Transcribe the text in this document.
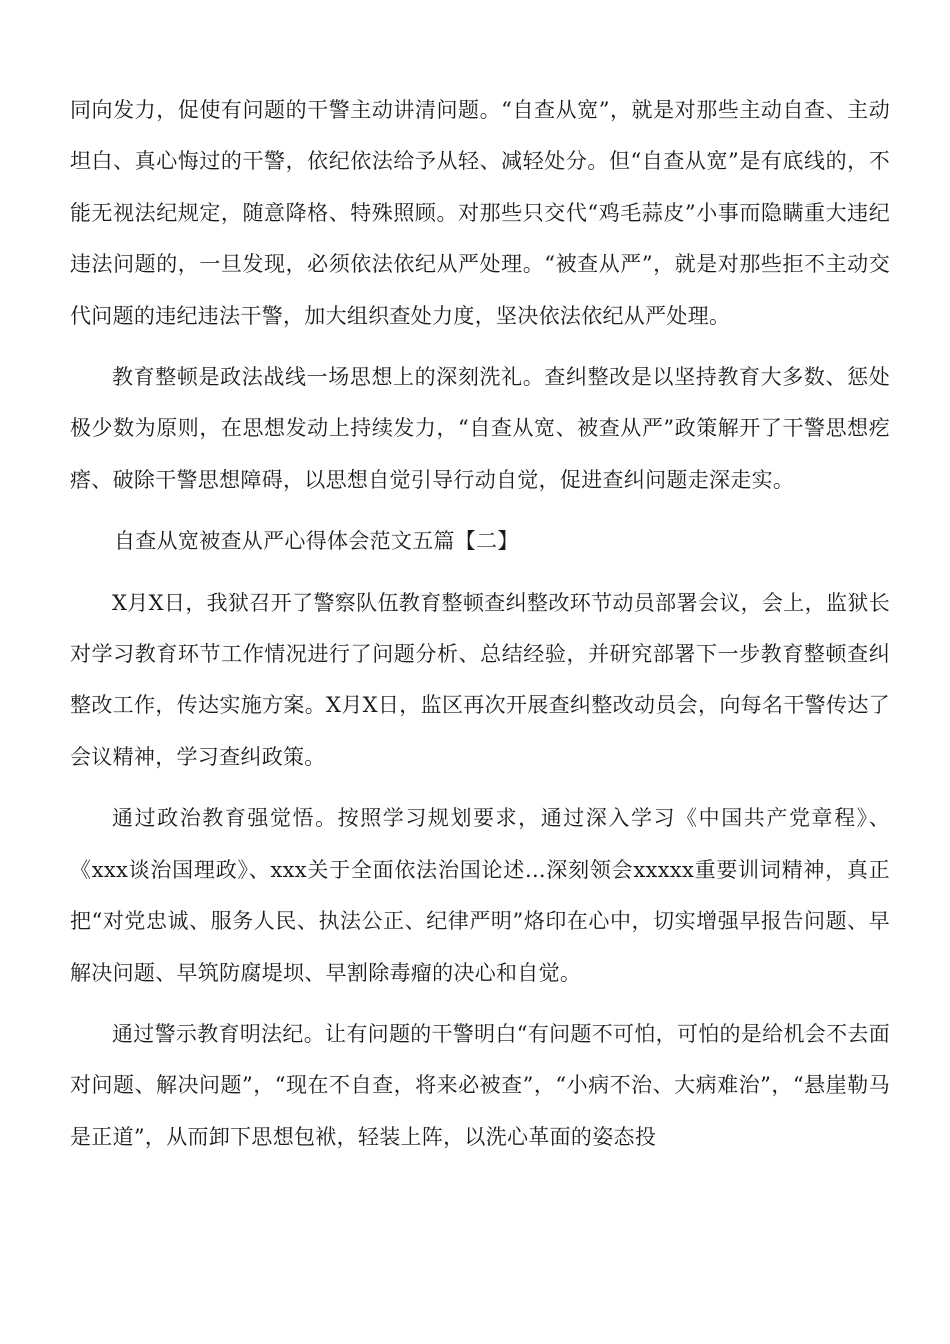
同向发力，促使有问题的干警主动讲清问题。“自查从宽”，就是对那些主动自查、主动坦白、真心悔过的干警，依纪依法给予从轻、减轻处分。但“自查从宽”是有底线的，不能无视法纪规定，随意降格、特殊照顾。对那些只交代“鸡毛蒜皮”小事而隐瞒重大违纪违法问题的，一旦发现，必须依法依纪从严处理。“被查从严”，就是对那些拒不主动交代问题的违纪违法干警，加大组织查处力度，坚决依法依纪从严处理。

教育整顿是政法战线一场思想上的深刻洗礼。查纠整改是以坚持教育大多数、惩处极少数为原则，在思想发动上持续发力，“自查从宽、被查从严”政策解开了干警思想疙瘩、破除干警思想障碍，以思想自觉引导行动自觉，促进查纠问题走深走实。

自查从宽被查从严心得体会范文五篇【二】

X月X日，我狱召开了警察队伍教育整顿查纠整改环节动员部署会议，会上，监狱长对学习教育环节工作情况进行了问题分析、总结经验，并研究部署下一步教育整顿查纠整改工作，传达实施方案。X月X日，监区再次开展查纠整改动员会，向每名干警传达了会议精神，学习查纠政策。

通过政治教育强觉悟。按照学习规划要求，通过深入学习《中国共产党章程》、《xxx谈治国理政》、xxx关于全面依法治国论述...深刻领会xxxxx重要训词精神，真正把“对党忠诚、服务人民、执法公正、纪律严明”烙印在心中，切实增强早报告问题、早解决问题、早筑防腐堤坝、早割除毒瘤的决心和自觉。

通过警示教育明法纪。让有问题的干警明白“有问题不可怕，可怕的是给机会不去面对问题、解决问题”，“现在不自查，将来必被查”，“小病不治、大病难治”，“悬崖勒马是正道”，从而卸下思想包袱，轻装上阵，以洗心革面的姿态投
